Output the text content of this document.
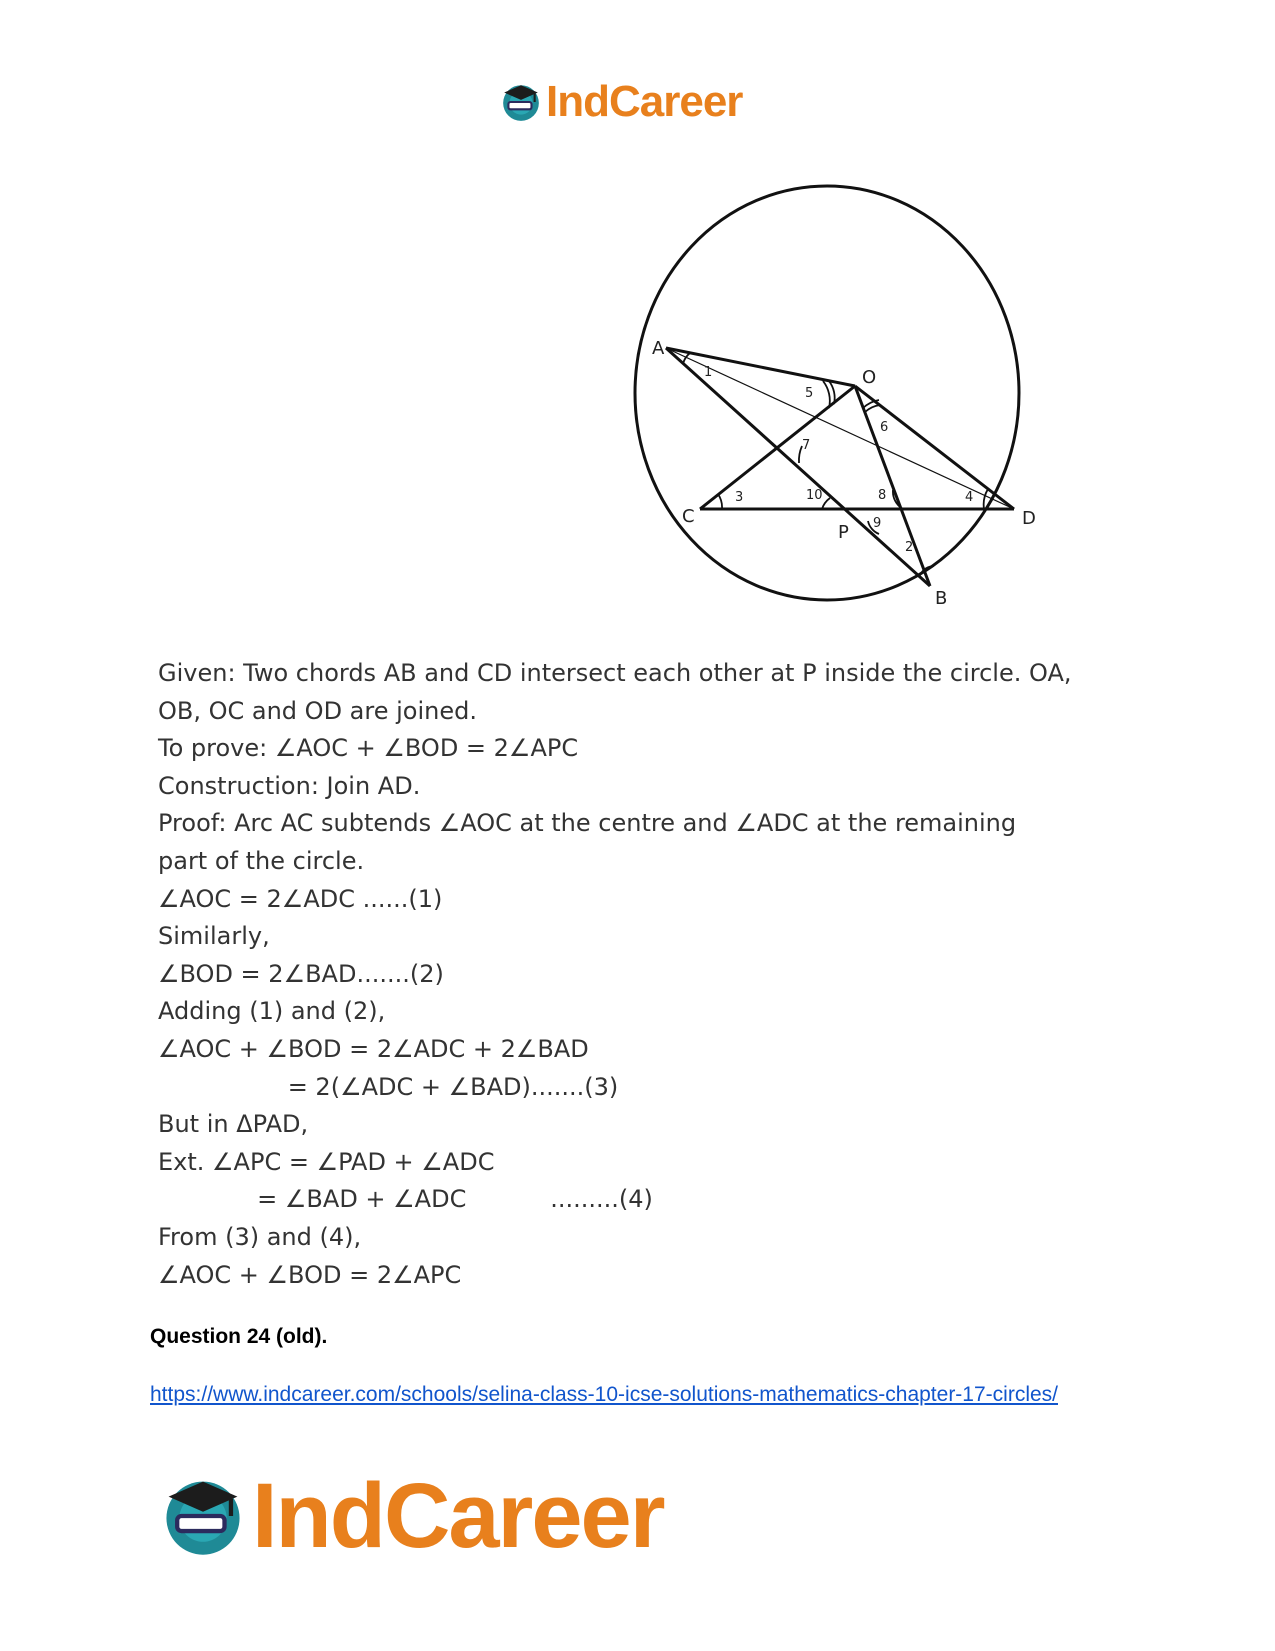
IndCareer
A
O
C	D
P
B
1
2
3	4
5
6
7
8
9
10
Given: Two chords AB and CD intersect each other at P inside the circle. OA,
OB, OC and OD are joined.
To prove: ∠AOC + ∠BOD = 2∠APC
Construction: Join AD.
Proof: Arc AC subtends ∠AOC at the centre and ∠ADC at the remaining
part of the circle.
∠AOC = 2∠ADC ......(1)
Similarly,
∠BOD = 2∠BAD.......(2)
Adding (1) and (2),
∠AOC + ∠BOD = 2∠ADC + 2∠BAD
= 2(∠ADC + ∠BAD).......(3)
But in ΔPAD,
Ext. ∠APC = ∠PAD + ∠ADC
= ∠BAD + ∠ADC           .........(4)
From (3) and (4),
∠AOC + ∠BOD = 2∠APC
Question 24 (old).
https://www.indcareer.com/schools/selina-class-10-icse-solutions-mathematics-chapter-17-circles/
IndCareer
